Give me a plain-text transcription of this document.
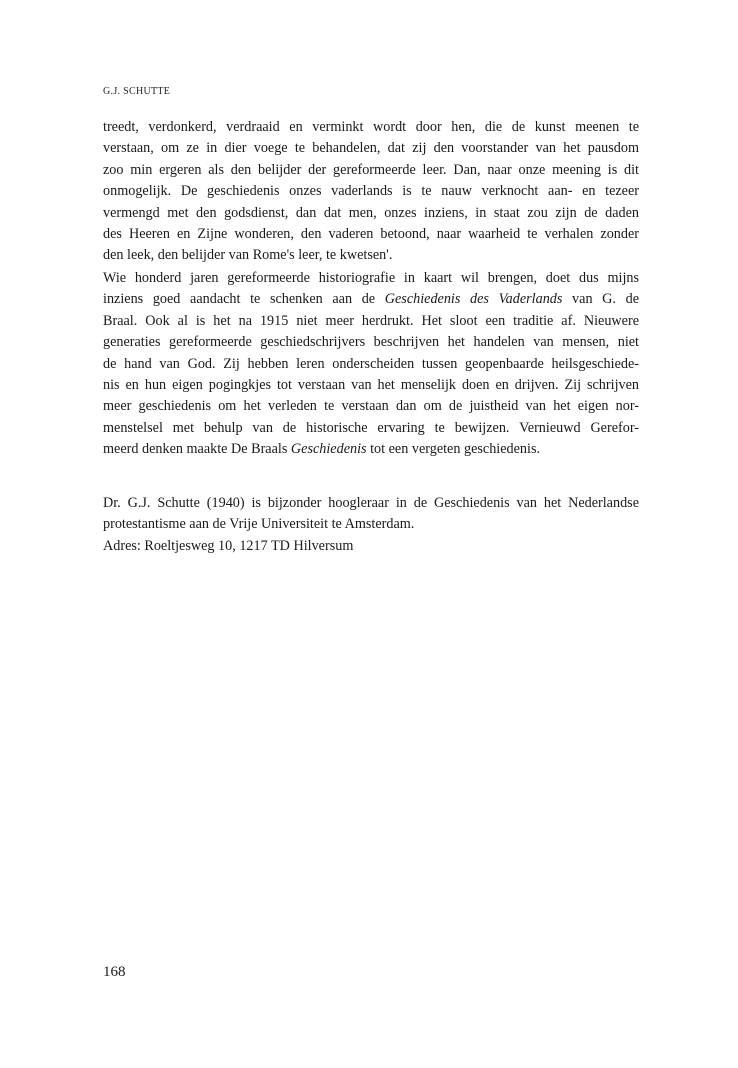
G.J. SCHUTTE
treedt, verdonkerd, verdraaid en verminkt wordt door hen, die de kunst meenen te
verstaan, om ze in dier voege te behandelen, dat zij den voorstander van het pausdom
zoo min ergeren als den belijder der gereformeerde leer. Dan, naar onze meening is dit
onmogelijk. De geschiedenis onzes vaderlands is te nauw verknocht aan- en tezeer
vermengd met den godsdienst, dan dat men, onzes inziens, in staat zou zijn de daden
des Heeren en Zijne wonderen, den vaderen betoond, naar waarheid te verhalen zonder
den leek, den belijder van Rome's leer, te kwetsen'.
Wie honderd jaren gereformeerde historiografie in kaart wil brengen, doet dus mijns
inziens goed aandacht te schenken aan de Geschiedenis des Vaderlands van G. de
Braal. Ook al is het na 1915 niet meer herdrukt. Het sloot een traditie af. Nieuwere
generaties gereformeerde geschiedschrijvers beschrijven het handelen van mensen, niet
de hand van God. Zij hebben leren onderscheiden tussen geopenbaarde heilsgeschiede-
nis en hun eigen pogingkjes tot verstaan van het menselijk doen en drijven. Zij schrijven
meer geschiedenis om het verleden te verstaan dan om de juistheid van het eigen nor-
menstelsel met behulp van de historische ervaring te bewijzen. Vernieuwd Gerefor-
meerd denken maakte De Braals Geschiedenis tot een vergeten geschiedenis.
Dr. G.J. Schutte (1940) is bijzonder hoogleraar in de Geschiedenis van het Nederlandse
protestantisme aan de Vrije Universiteit te Amsterdam.
Adres: Roeltjesweg 10, 1217 TD Hilversum
168
